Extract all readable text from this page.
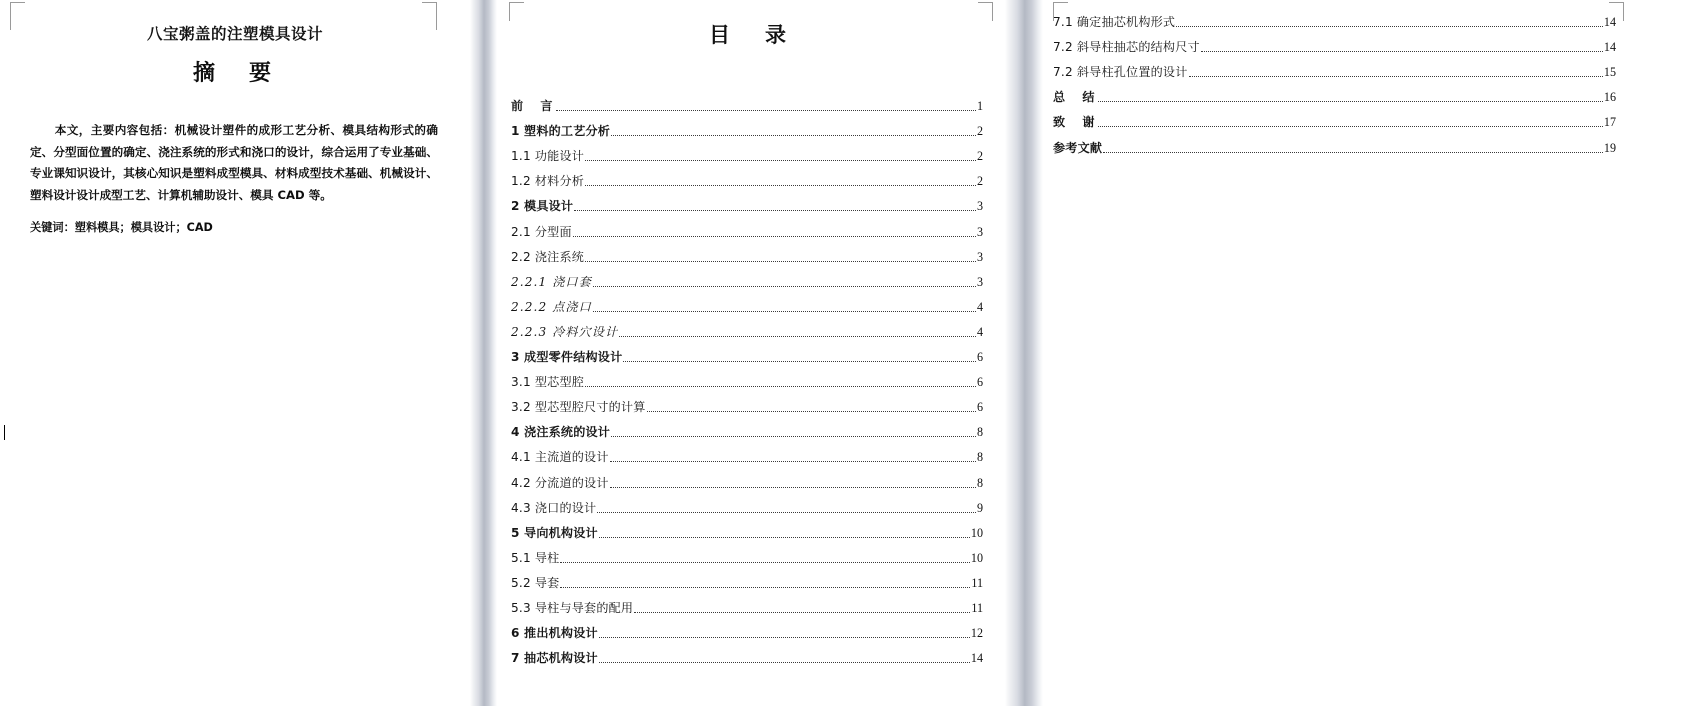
八宝粥盖的注塑模具设计
摘　要
本文，主要内容包括：机械设计塑件的成形工艺分析、模具结构形式的确定、分型面位置的确定、浇注系统的形式和浇口的设计，综合运用了专业基础、专业课知识设计，其核心知识是塑料成型模具、材料成型技术基础、机械设计、塑料设计设计成型工艺、计算机辅助设计、模具 CAD 等。
关键词：塑料模具；模具设计；CAD
目　录
前　言	1
1 塑料的工艺分析	2
1.1 功能设计	2
1.2 材料分析	2
2 模具设计	3
2.1 分型面	3
2.2 浇注系统	3
2.2.1 浇口套	3
2.2.2 点浇口	4
2.2.3 冷料穴设计	4
3 成型零件结构设计	6
3.1 型芯型腔	6
3.2 型芯型腔尺寸的计算	6
4 浇注系统的设计	8
4.1 主流道的设计	8
4.2 分流道的设计	8
4.3 浇口的设计	9
5 导向机构设计	10
5.1 导柱	10
5.2 导套	11
5.3 导柱与导套的配用	11
6 推出机构设计	12
7 抽芯机构设计	14
7.1 确定抽芯机构形式	14
7.2 斜导柱抽芯的结构尺寸	14
7.2 斜导柱孔位置的设计	15
总　结	16
致　谢	17
参考文献	19
